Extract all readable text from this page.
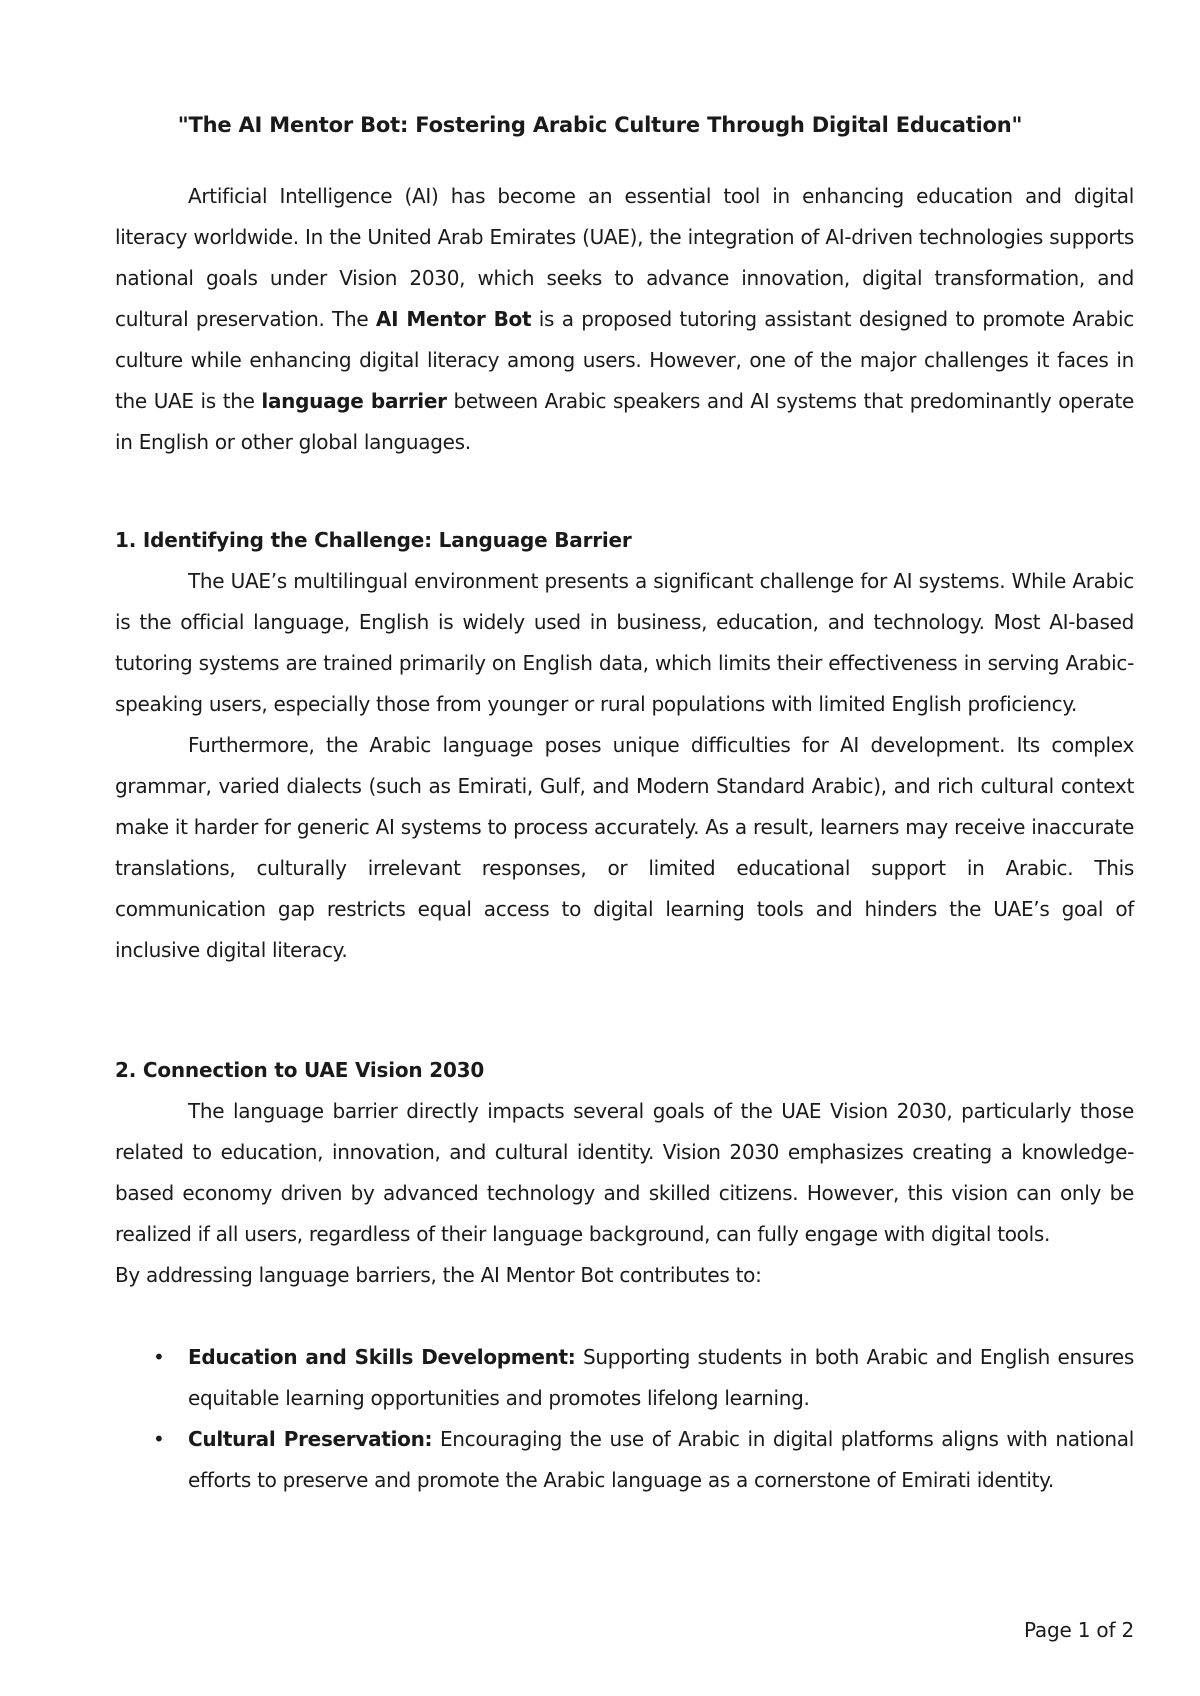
"The AI Mentor Bot: Fostering Arabic Culture Through Digital Education"

Artificial Intelligence (AI) has become an essential tool in enhancing education and digital literacy worldwide. In the United Arab Emirates (UAE), the integration of AI-driven technologies supports national goals under Vision 2030, which seeks to advance innovation, digital transformation, and cultural preservation. The AI Mentor Bot is a proposed tutoring assistant designed to promote Arabic culture while enhancing digital literacy among users. However, one of the major challenges it faces in the UAE is the language barrier between Arabic speakers and AI systems that predominantly operate in English or other global languages.

1. Identifying the Challenge: Language Barrier

The UAE’s multilingual environment presents a significant challenge for AI systems. While Arabic is the official language, English is widely used in business, education, and technology. Most AI-based tutoring systems are trained primarily on English data, which limits their effectiveness in serving Arabic-speaking users, especially those from younger or rural populations with limited English proficiency.

Furthermore, the Arabic language poses unique difficulties for AI development. Its complex grammar, varied dialects (such as Emirati, Gulf, and Modern Standard Arabic), and rich cultural context make it harder for generic AI systems to process accurately. As a result, learners may receive inaccurate translations, culturally irrelevant responses, or limited educational support in Arabic. This communication gap restricts equal access to digital learning tools and hinders the UAE’s goal of inclusive digital literacy.

2. Connection to UAE Vision 2030

The language barrier directly impacts several goals of the UAE Vision 2030, particularly those related to education, innovation, and cultural identity. Vision 2030 emphasizes creating a knowledge-based economy driven by advanced technology and skilled citizens. However, this vision can only be realized if all users, regardless of their language background, can fully engage with digital tools.

By addressing language barriers, the AI Mentor Bot contributes to:

• Education and Skills Development: Supporting students in both Arabic and English ensures equitable learning opportunities and promotes lifelong learning.
• Cultural Preservation: Encouraging the use of Arabic in digital platforms aligns with national efforts to preserve and promote the Arabic language as a cornerstone of Emirati identity.
Page 1 of 2
